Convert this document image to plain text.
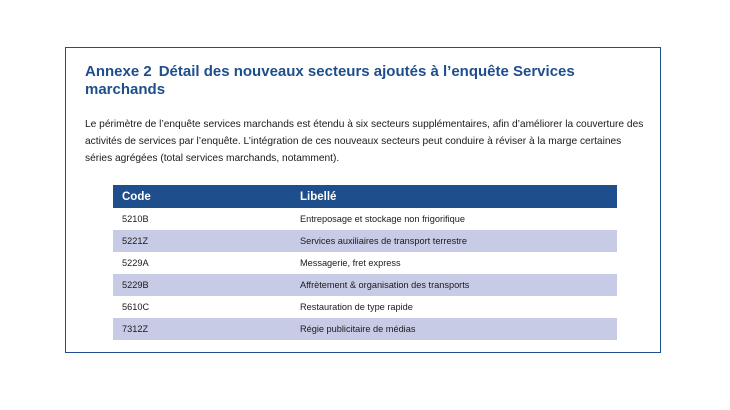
Annexe 2 Détail des nouveaux secteurs ajoutés à l’enquête Services marchands

Le périmètre de l’enquête services marchands est étendu à six secteurs supplémentaires, afin d’améliorer la couverture des activités de services par l’enquête. L’intégration de ces nouveaux secteurs peut conduire à réviser à la marge certaines séries agrégées (total services marchands, notamment).

Code	Libellé
5210B	Entreposage et stockage non frigorifique
5221Z	Services auxiliaires de transport terrestre
5229A	Messagerie, fret express
5229B	Affrètement & organisation des transports
5610C	Restauration de type rapide
7312Z	Régie publicitaire de médias
